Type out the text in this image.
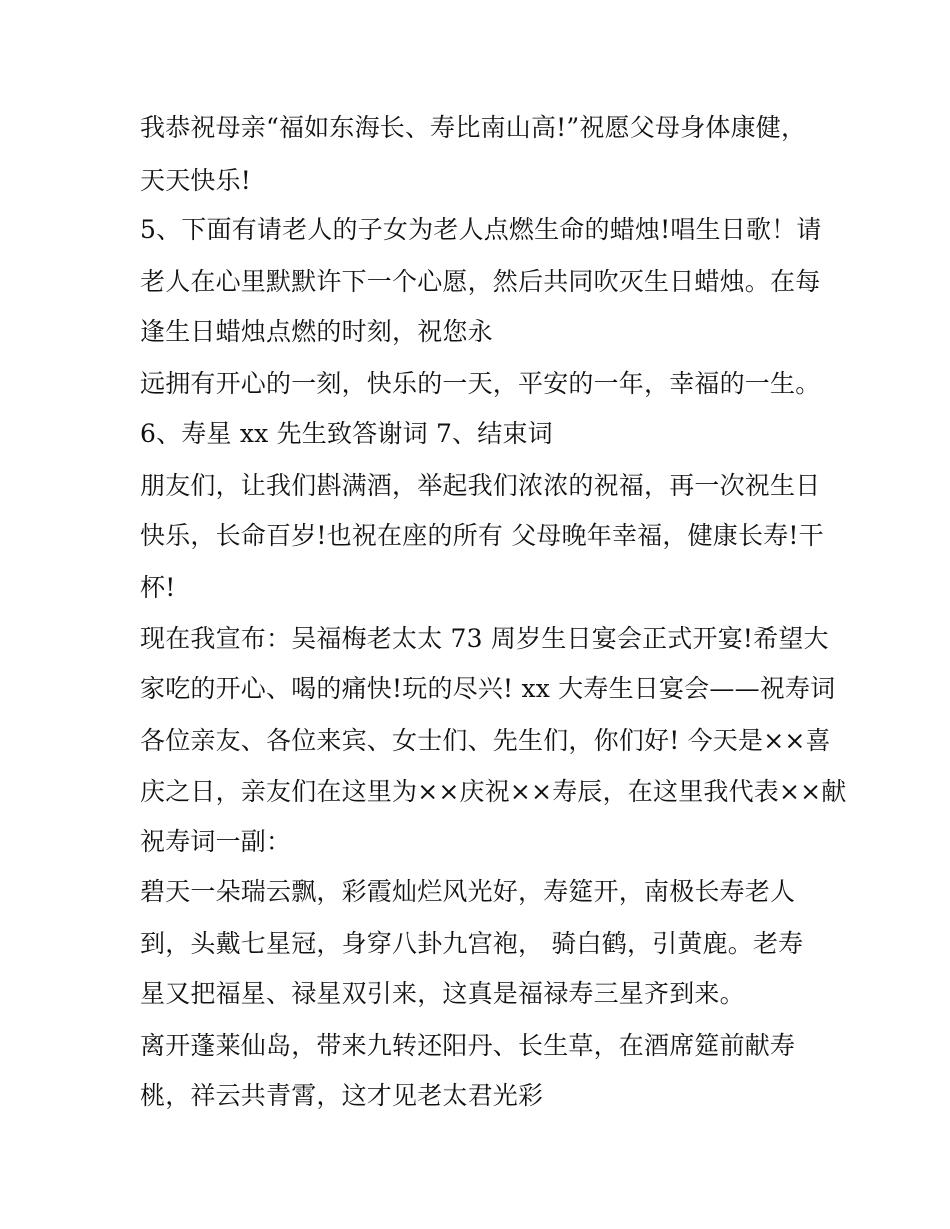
我恭祝母亲“福如东海长、寿比南山高!”祝愿父母身体康健，
天天快乐!
5、下面有请老人的子女为老人点燃生命的蜡烛!唱生日歌！请
老人在心里默默许下一个心愿，然后共同吹灭生日蜡烛。在每
逢生日蜡烛点燃的时刻，祝您永
远拥有开心的一刻，快乐的一天，平安的一年，幸福的一生。
6、寿星 xx 先生致答谢词 7、结束词
朋友们，让我们斟满酒，举起我们浓浓的祝福，再一次祝生日
快乐，长命百岁!也祝在座的所有 父母晚年幸福，健康长寿!干
杯!
现在我宣布：吴福梅老太太 73 周岁生日宴会正式开宴!希望大
家吃的开心、喝的痛快!玩的尽兴! xx 大寿生日宴会——祝寿词
各位亲友、各位来宾、女士们、先生们，你们好! 今天是××喜
庆之日，亲友们在这里为××庆祝××寿辰，在这里我代表××献
祝寿词一副：
碧天一朵瑞云飘，彩霞灿烂风光好，寿筵开，南极长寿老人
到，头戴七星冠，身穿八卦九宫袍， 骑白鹤，引黄鹿。老寿
星又把福星、禄星双引来，这真是福禄寿三星齐到来。
离开蓬莱仙岛，带来九转还阳丹、长生草，在酒席筵前献寿
桃，祥云共青霄，这才见老太君光彩
